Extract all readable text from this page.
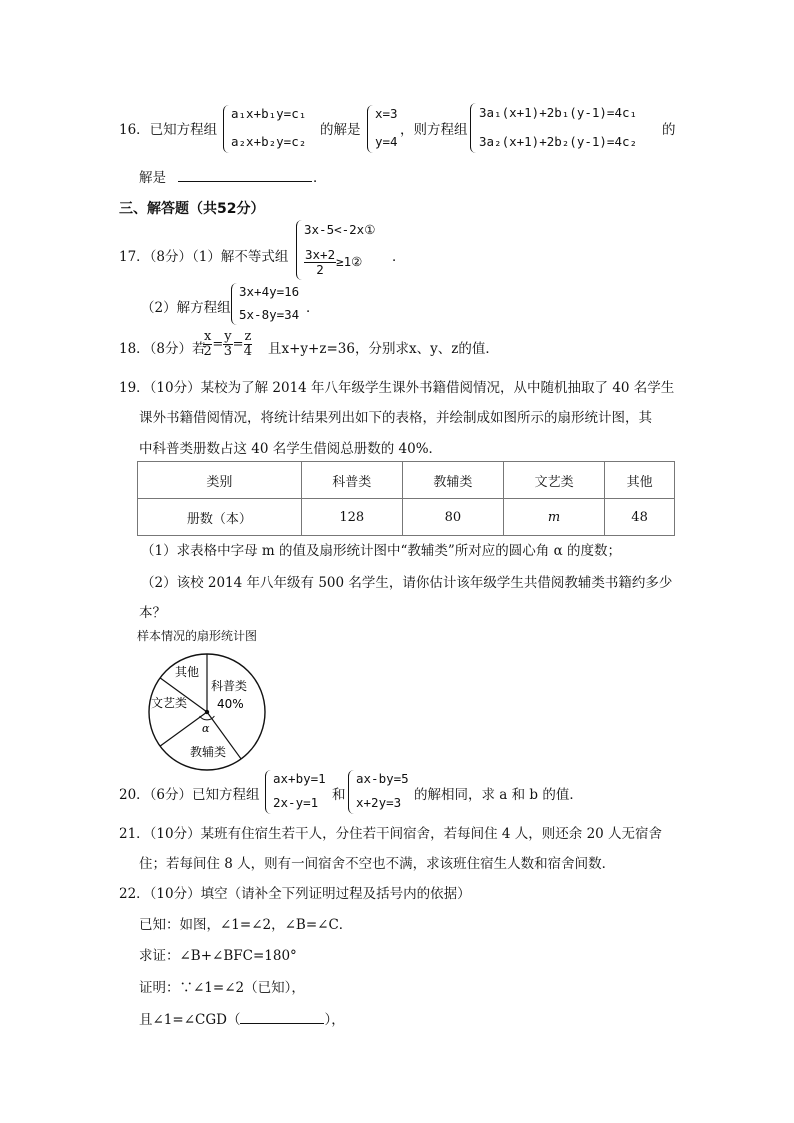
16．已知方程组
a₁x+b₁y=c₁
a₂x+b₂y=c₂
的解是
x=3
y=4
，则方程组
3a₁(x+1)+2b₁(y-1)=4c₁
3a₂(x+1)+2b₂(y-1)=4c₂
的
解是	．
三、解答题（共52分）
17．（8分）（1）解不等式组
3x-5<-2x①
$\frac{3x+2}{2}$ ≥1② ．
（2）解方程组
3x+4y=16
5x-8y=34 ．
18．（8分）若
$\frac{x}{2} = \frac{y}{3} = \frac{z}{4}$ 且x+y+z=36，分别求x、y、z的值．
19．（10分）某校为了解 2014 年八年级学生课外书籍借阅情况，从中随机抽取了 40 名学生
课外书籍借阅情况，将统计结果列出如下的表格，并绘制成如图所示的扇形统计图，其
中科普类册数占这 40 名学生借阅总册数的 40%．
类别	科普类	教辅类	文艺类	其他
册数（本）	128	80	m	48
（1）求表格中字母 m 的值及扇形统计图中“教辅类”所对应的圆心角 α 的度数；
（2）该校 2014 年八年级有 500 名学生，请你估计该年级学生共借阅教辅类书籍约多少
本？
样本情况的扇形统计图
文艺类
其他
科普类
40%
教辅类
α
20．（6分）已知方程组
ax+by=1
2x-y=1 和
ax-by=5
x+2y=3 的解相同，求 a 和 b 的值．
21．（10分）某班有住宿生若干人，分住若干间宿舍，若每间住 4 人，则还余 20 人无宿舍
住；若每间住 8 人，则有一间宿舍不空也不满，求该班住宿生人数和宿舍间数．
22．（10分）填空（请补全下列证明过程及括号内的依据）
已知：如图，∠1=∠2，∠B=∠C．
求证：∠B+∠BFC=180°
证明：∵∠1=∠2（已知），
且∠1=∠CGD（	），
